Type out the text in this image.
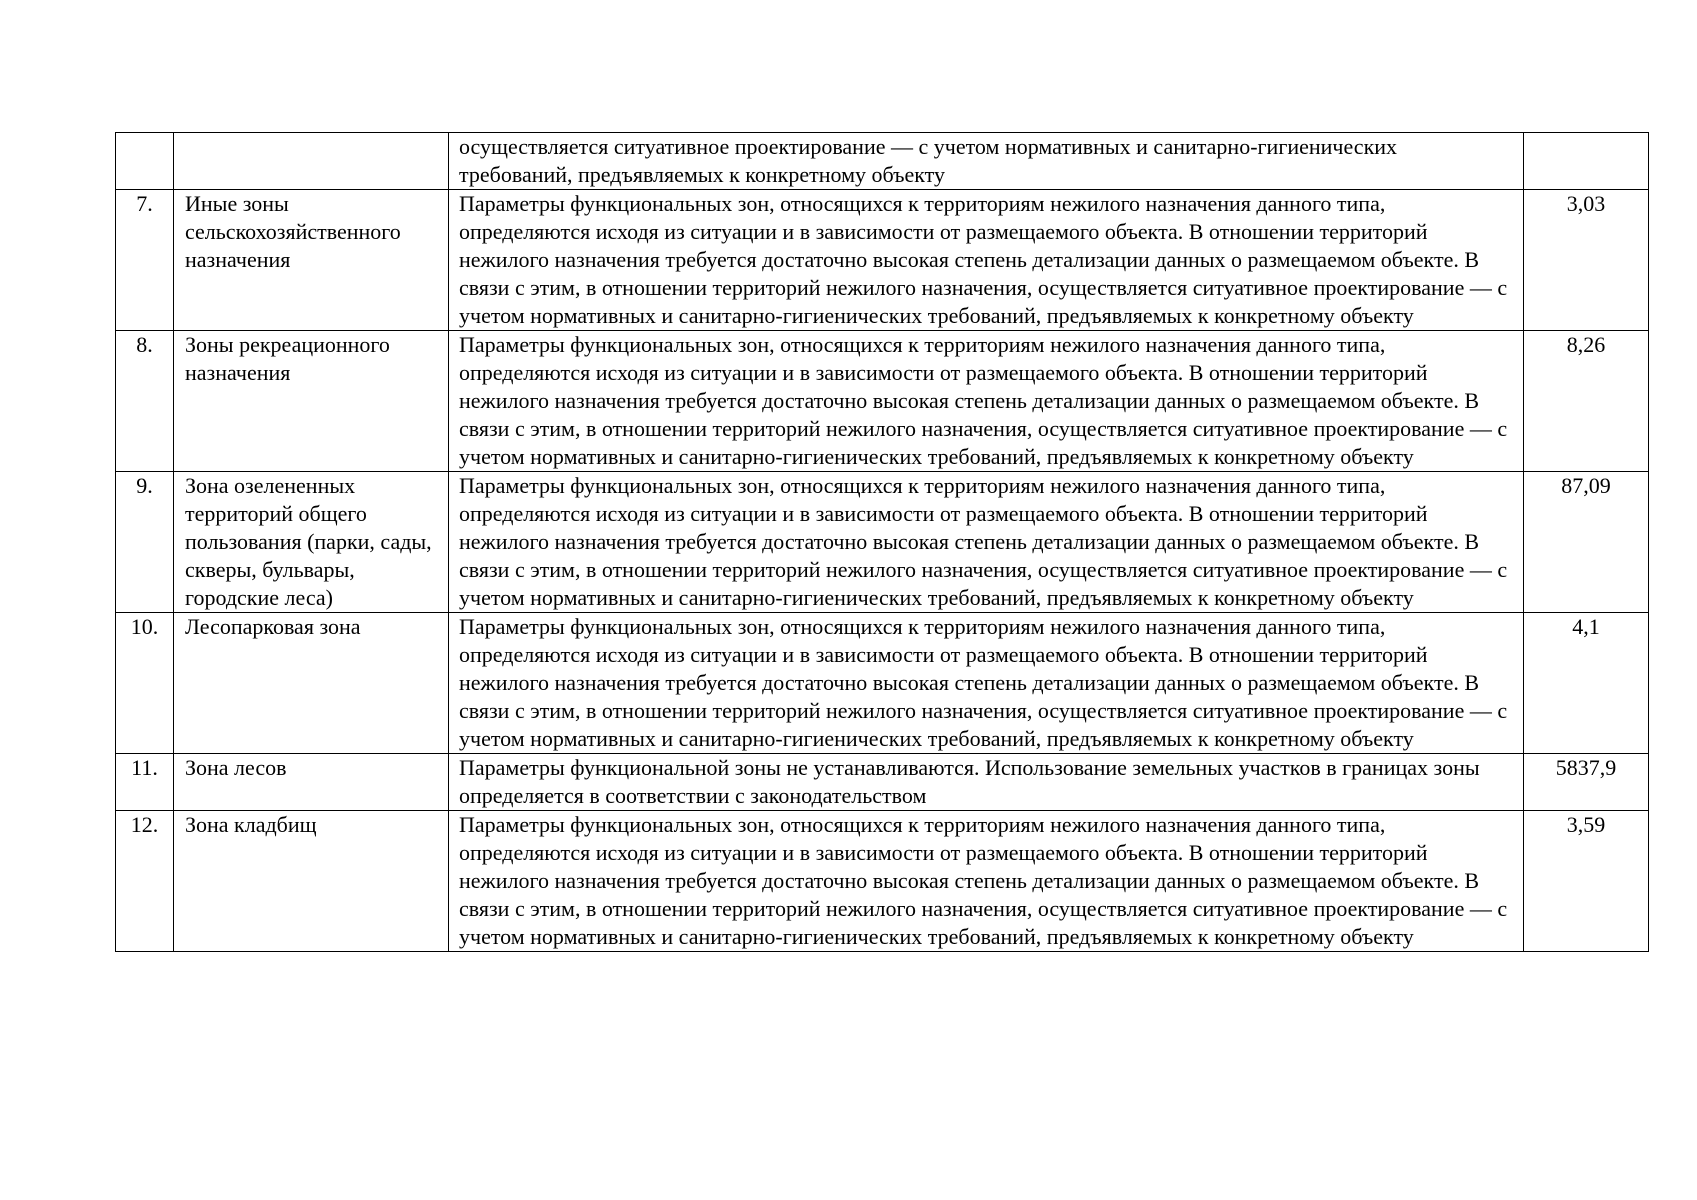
		осуществляется ситуативное проектирование — с учетом нормативных и санитарно-гигиенических требований, предъявляемых к конкретному объекту	
7.	Иные зоны сельскохозяйственного назначения	Параметры функциональных зон, относящихся к территориям нежилого назначения данного типа, определяются исходя из ситуации и в зависимости от размещаемого объекта. В отношении территорий нежилого назначения требуется достаточно высокая степень детализации данных о размещаемом объекте. В связи с этим, в отношении территорий нежилого назначения, осуществляется ситуативное проектирование — с учетом нормативных и санитарно-гигиенических требований, предъявляемых к конкретному объекту	3,03
8.	Зоны рекреационного назначения	Параметры функциональных зон, относящихся к территориям нежилого назначения данного типа, определяются исходя из ситуации и в зависимости от размещаемого объекта. В отношении территорий нежилого назначения требуется достаточно высокая степень детализации данных о размещаемом объекте. В связи с этим, в отношении территорий нежилого назначения, осуществляется ситуативное проектирование — с учетом нормативных и санитарно-гигиенических требований, предъявляемых к конкретному объекту	8,26
9.	Зона озелененных территорий общего пользования (парки, сады, скверы, бульвары, городские леса)	Параметры функциональных зон, относящихся к территориям нежилого назначения данного типа, определяются исходя из ситуации и в зависимости от размещаемого объекта. В отношении территорий нежилого назначения требуется достаточно высокая степень детализации данных о размещаемом объекте. В связи с этим, в отношении территорий нежилого назначения, осуществляется ситуативное проектирование — с учетом нормативных и санитарно-гигиенических требований, предъявляемых к конкретному объекту	87,09
10.	Лесопарковая зона	Параметры функциональных зон, относящихся к территориям нежилого назначения данного типа, определяются исходя из ситуации и в зависимости от размещаемого объекта. В отношении территорий нежилого назначения требуется достаточно высокая степень детализации данных о размещаемом объекте. В связи с этим, в отношении территорий нежилого назначения, осуществляется ситуативное проектирование — с учетом нормативных и санитарно-гигиенических требований, предъявляемых к конкретному объекту	4,1
11.	Зона лесов	Параметры функциональной зоны не устанавливаются. Использование земельных участков в границах зоны определяется в соответствии с законодательством	5837,9
12.	Зона кладбищ	Параметры функциональных зон, относящихся к территориям нежилого назначения данного типа, определяются исходя из ситуации и в зависимости от размещаемого объекта. В отношении территорий нежилого назначения требуется достаточно высокая степень детализации данных о размещаемом объекте. В связи с этим, в отношении территорий нежилого назначения, осуществляется ситуативное проектирование — с учетом нормативных и санитарно-гигиенических требований, предъявляемых к конкретному объекту	3,59
